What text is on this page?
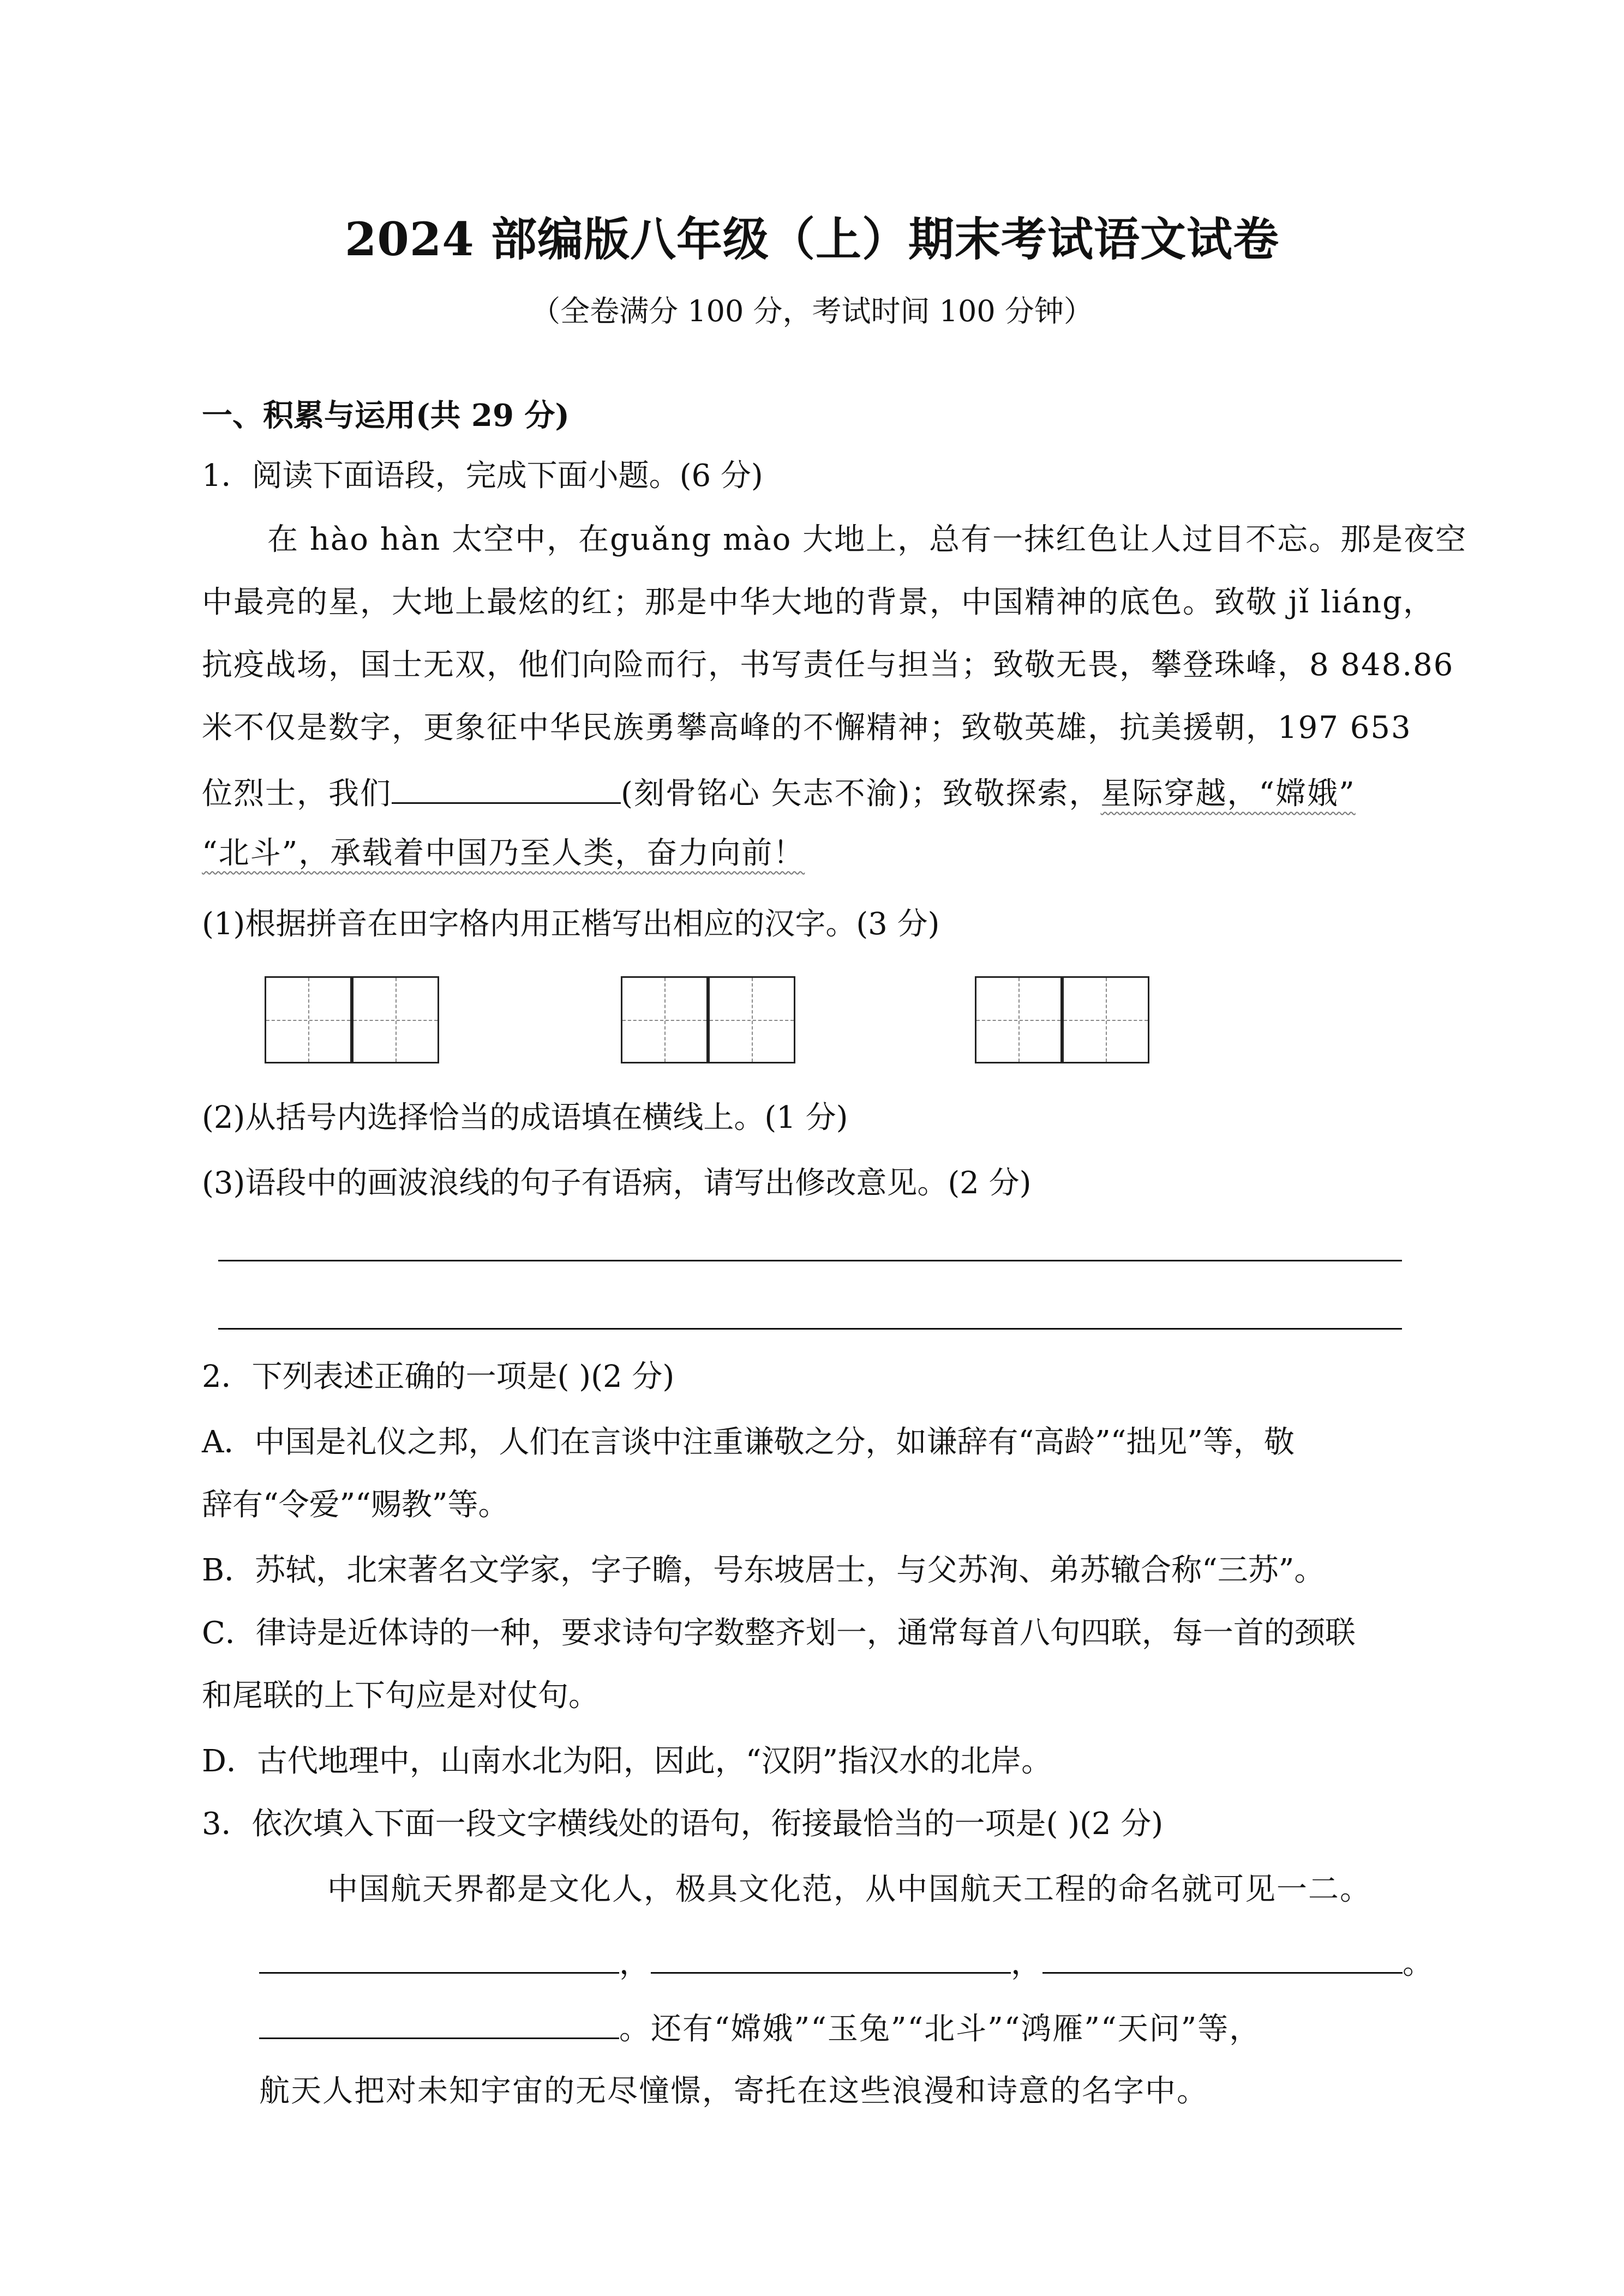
2024 部编版八年级（上）期末考试语文试卷
（全卷满分 100 分，考试时间 100 分钟）
一、积累与运用(共 29 分)
1．阅读下面语段，完成下面小题。(6 分)
在 hào hàn 太空中，在guǎng mào 大地上，总有一抹红色让人过目不忘。那是夜空
中最亮的星，大地上最炫的红；那是中华大地的背景，中国精神的底色。致敬 jǐ liáng，
抗疫战场，国士无双，他们向险而行，书写责任与担当；致敬无畏，攀登珠峰，8 848.86
米不仅是数字，更象征中华民族勇攀高峰的不懈精神；致敬英雄，抗美援朝，197 653
位烈士，我们	(刻骨铭心 矢志不渝)；致敬探索，星际穿越，“嫦娥”
“北斗”，承载着中国乃至人类，奋力向前！
(1)根据拼音在田字格内用正楷写出相应的汉字。(3 分)
(2)从括号内选择恰当的成语填在横线上。(1 分)
(3)语段中的画波浪线的句子有语病，请写出修改意见。(2 分)
2．下列表述正确的一项是( )(2 分)
A．中国是礼仪之邦，人们在言谈中注重谦敬之分，如谦辞有“高龄”“拙见”等，敬
辞有“令爱”“赐教”等。
B．苏轼，北宋著名文学家，字子瞻，号东坡居士，与父苏洵、弟苏辙合称“三苏”。
C．律诗是近体诗的一种，要求诗句字数整齐划一，通常每首八句四联，每一首的颈联
和尾联的上下句应是对仗句。
D．古代地理中，山南水北为阳，因此，“汉阴”指汉水的北岸。
3．依次填入下面一段文字横线处的语句，衔接最恰当的一项是( )(2 分)
中国航天界都是文化人，极具文化范，从中国航天工程的命名就可见一二。
，	，	。
。还有“嫦娥”“玉兔”“北斗”“鸿雁”“天问”等，
航天人把对未知宇宙的无尽憧憬，寄托在这些浪漫和诗意的名字中。
